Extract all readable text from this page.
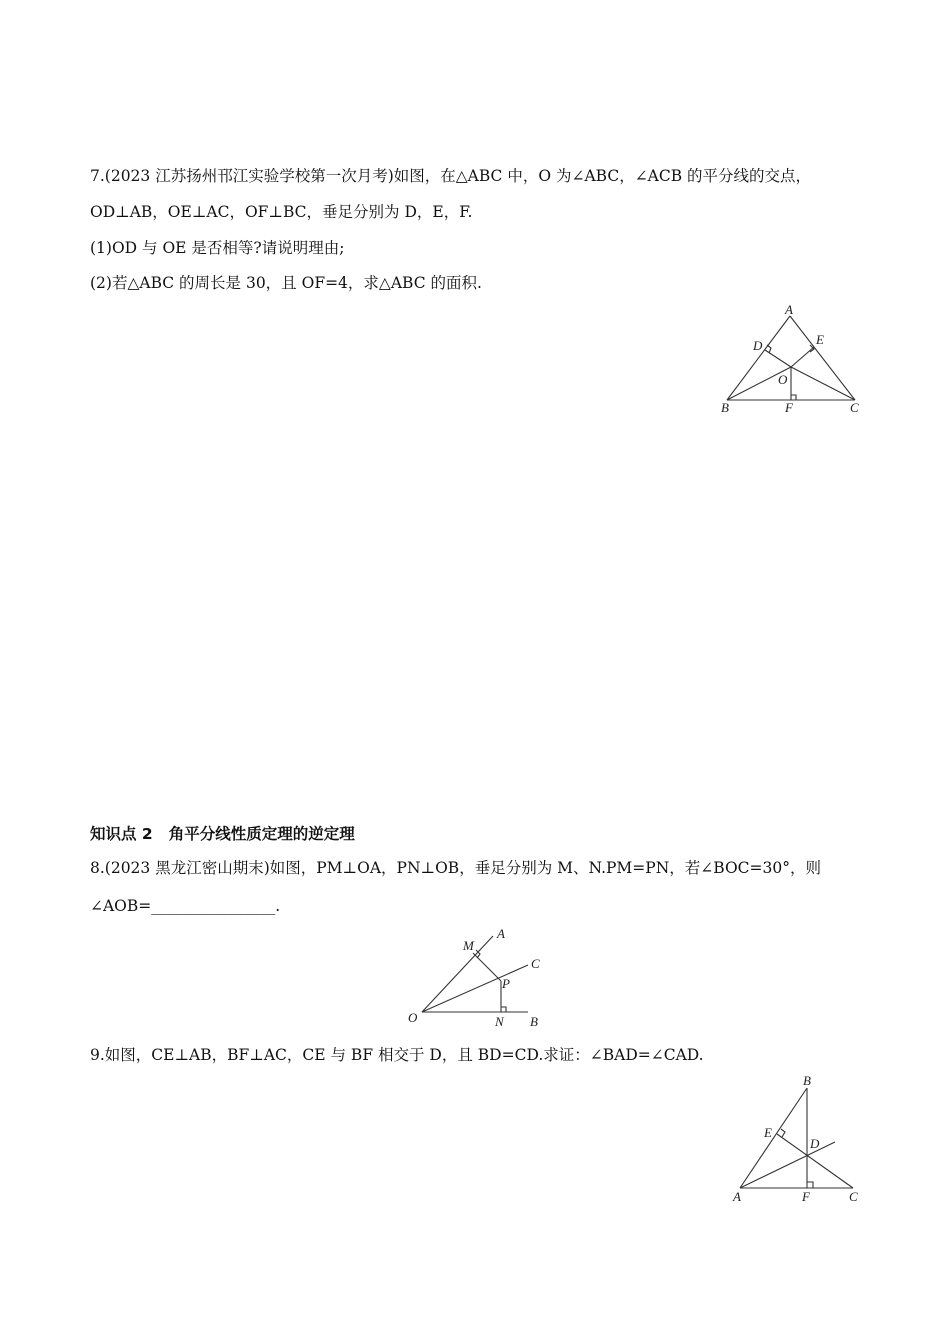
7.(2023 江苏扬州邗江实验学校第一次月考)如图，在△ABC 中，O 为∠ABC，∠ACB 的平分线的交点，
OD⊥AB，OE⊥AC，OF⊥BC，垂足分别为 D，E，F.
(1)OD 与 OE 是否相等?请说明理由;
(2)若△ABC 的周长是 30，且 OF=4，求△ABC 的面积.
A
D	E
O
B	F	C
知识点 2 角平分线性质定理的逆定理
8.(2023 黑龙江密山期末)如图，PM⊥OA，PN⊥OB，垂足分别为 M、N.PM=PN，若∠BOC=30°，则
∠AOB=________________.
M
A
C
P
O	N B
9.如图，CE⊥AB，BF⊥AC，CE 与 BF 相交于 D，且 BD=CD.求证：∠BAD=∠CAD.
B
E
D
A	F	C
